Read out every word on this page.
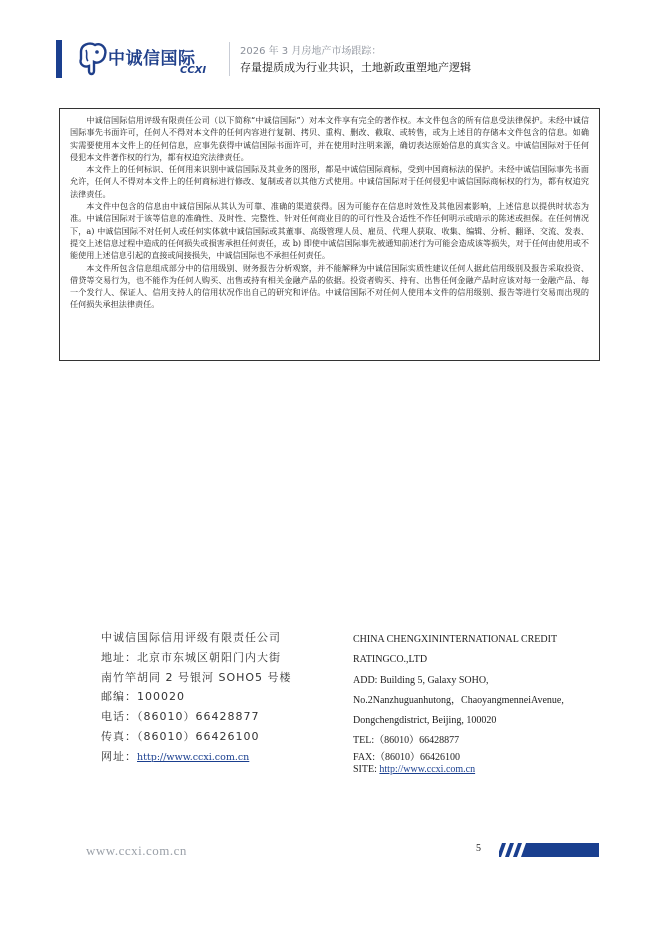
中诚信国际
CCXI
2026 年 3 月房地产市场跟踪：
存量提质成为行业共识，土地新政重塑地产逻辑

中诚信国际信用评级有限责任公司（以下简称“中诚信国际”）对本文件享有完全的著作权。本文件包含的所有信息受法律保护。未经中诚信国际事先书面许可，任何人不得对本文件的任何内容进行复制、拷贝、重构、删改、截取、或转售，或为上述目的存储本文件包含的信息。如确实需要使用本文件上的任何信息，应事先获得中诚信国际书面许可，并在使用时注明来源，确切表达原始信息的真实含义。中诚信国际对于任何侵犯本文件著作权的行为，都有权追究法律责任。

本文件上的任何标识、任何用来识别中诚信国际及其业务的图形，都是中诚信国际商标，受到中国商标法的保护。未经中诚信国际事先书面允许，任何人不得对本文件上的任何商标进行修改、复制或者以其他方式使用。中诚信国际对于任何侵犯中诚信国际商标权的行为，都有权追究法律责任。

本文件中包含的信息由中诚信国际从其认为可靠、准确的渠道获得。因为可能存在信息时效性及其他因素影响，上述信息以提供时状态为准。中诚信国际对于该等信息的准确性、及时性、完整性、针对任何商业目的的可行性及合适性不作任何明示或暗示的陈述或担保。在任何情况下，a) 中诚信国际不对任何人或任何实体就中诚信国际或其董事、高级管理人员、雇员、代理人获取、收集、编辑、分析、翻译、交流、发表、提交上述信息过程中造成的任何损失或损害承担任何责任，或 b) 即使中诚信国际事先被通知前述行为可能会造成该等损失，对于任何由使用或不能使用上述信息引起的直接或间接损失，中诚信国际也不承担任何责任。

本文件所包含信息组成部分中的信用级别、财务报告分析观察，并不能解释为中诚信国际实质性建议任何人据此信用级别及报告采取投资、借贷等交易行为，也不能作为任何人购买、出售或持有相关金融产品的依据。投资者购买、持有、出售任何金融产品时应该对每一金融产品、每一个发行人、保证人、信用支持人的信用状况作出自己的研究和评估。中诚信国际不对任何人使用本文件的信用级别、报告等进行交易而出现的任何损失承担法律责任。

中诚信国际信用评级有限责任公司
地址：北京市东城区朝阳门内大街
南竹竿胡同 2 号银河 SOHO5 号楼
邮编：100020
电话：（86010）66428877
传真：（86010）66426100
网址：http://www.ccxi.com.cn
CHINA CHENGXININTERNATIONAL CREDIT
RATINGCO.,LTD
ADD: Building 5, Galaxy SOHO,
No.2Nanzhuguanhutong，ChaoyangmenneiAvenue,
Dongchengdistrict, Beijing, 100020
TEL:（86010）66428877
FAX:（86010）66426100
SITE: http://www.ccxi.com.cn
www.ccxi.com.cn	5
